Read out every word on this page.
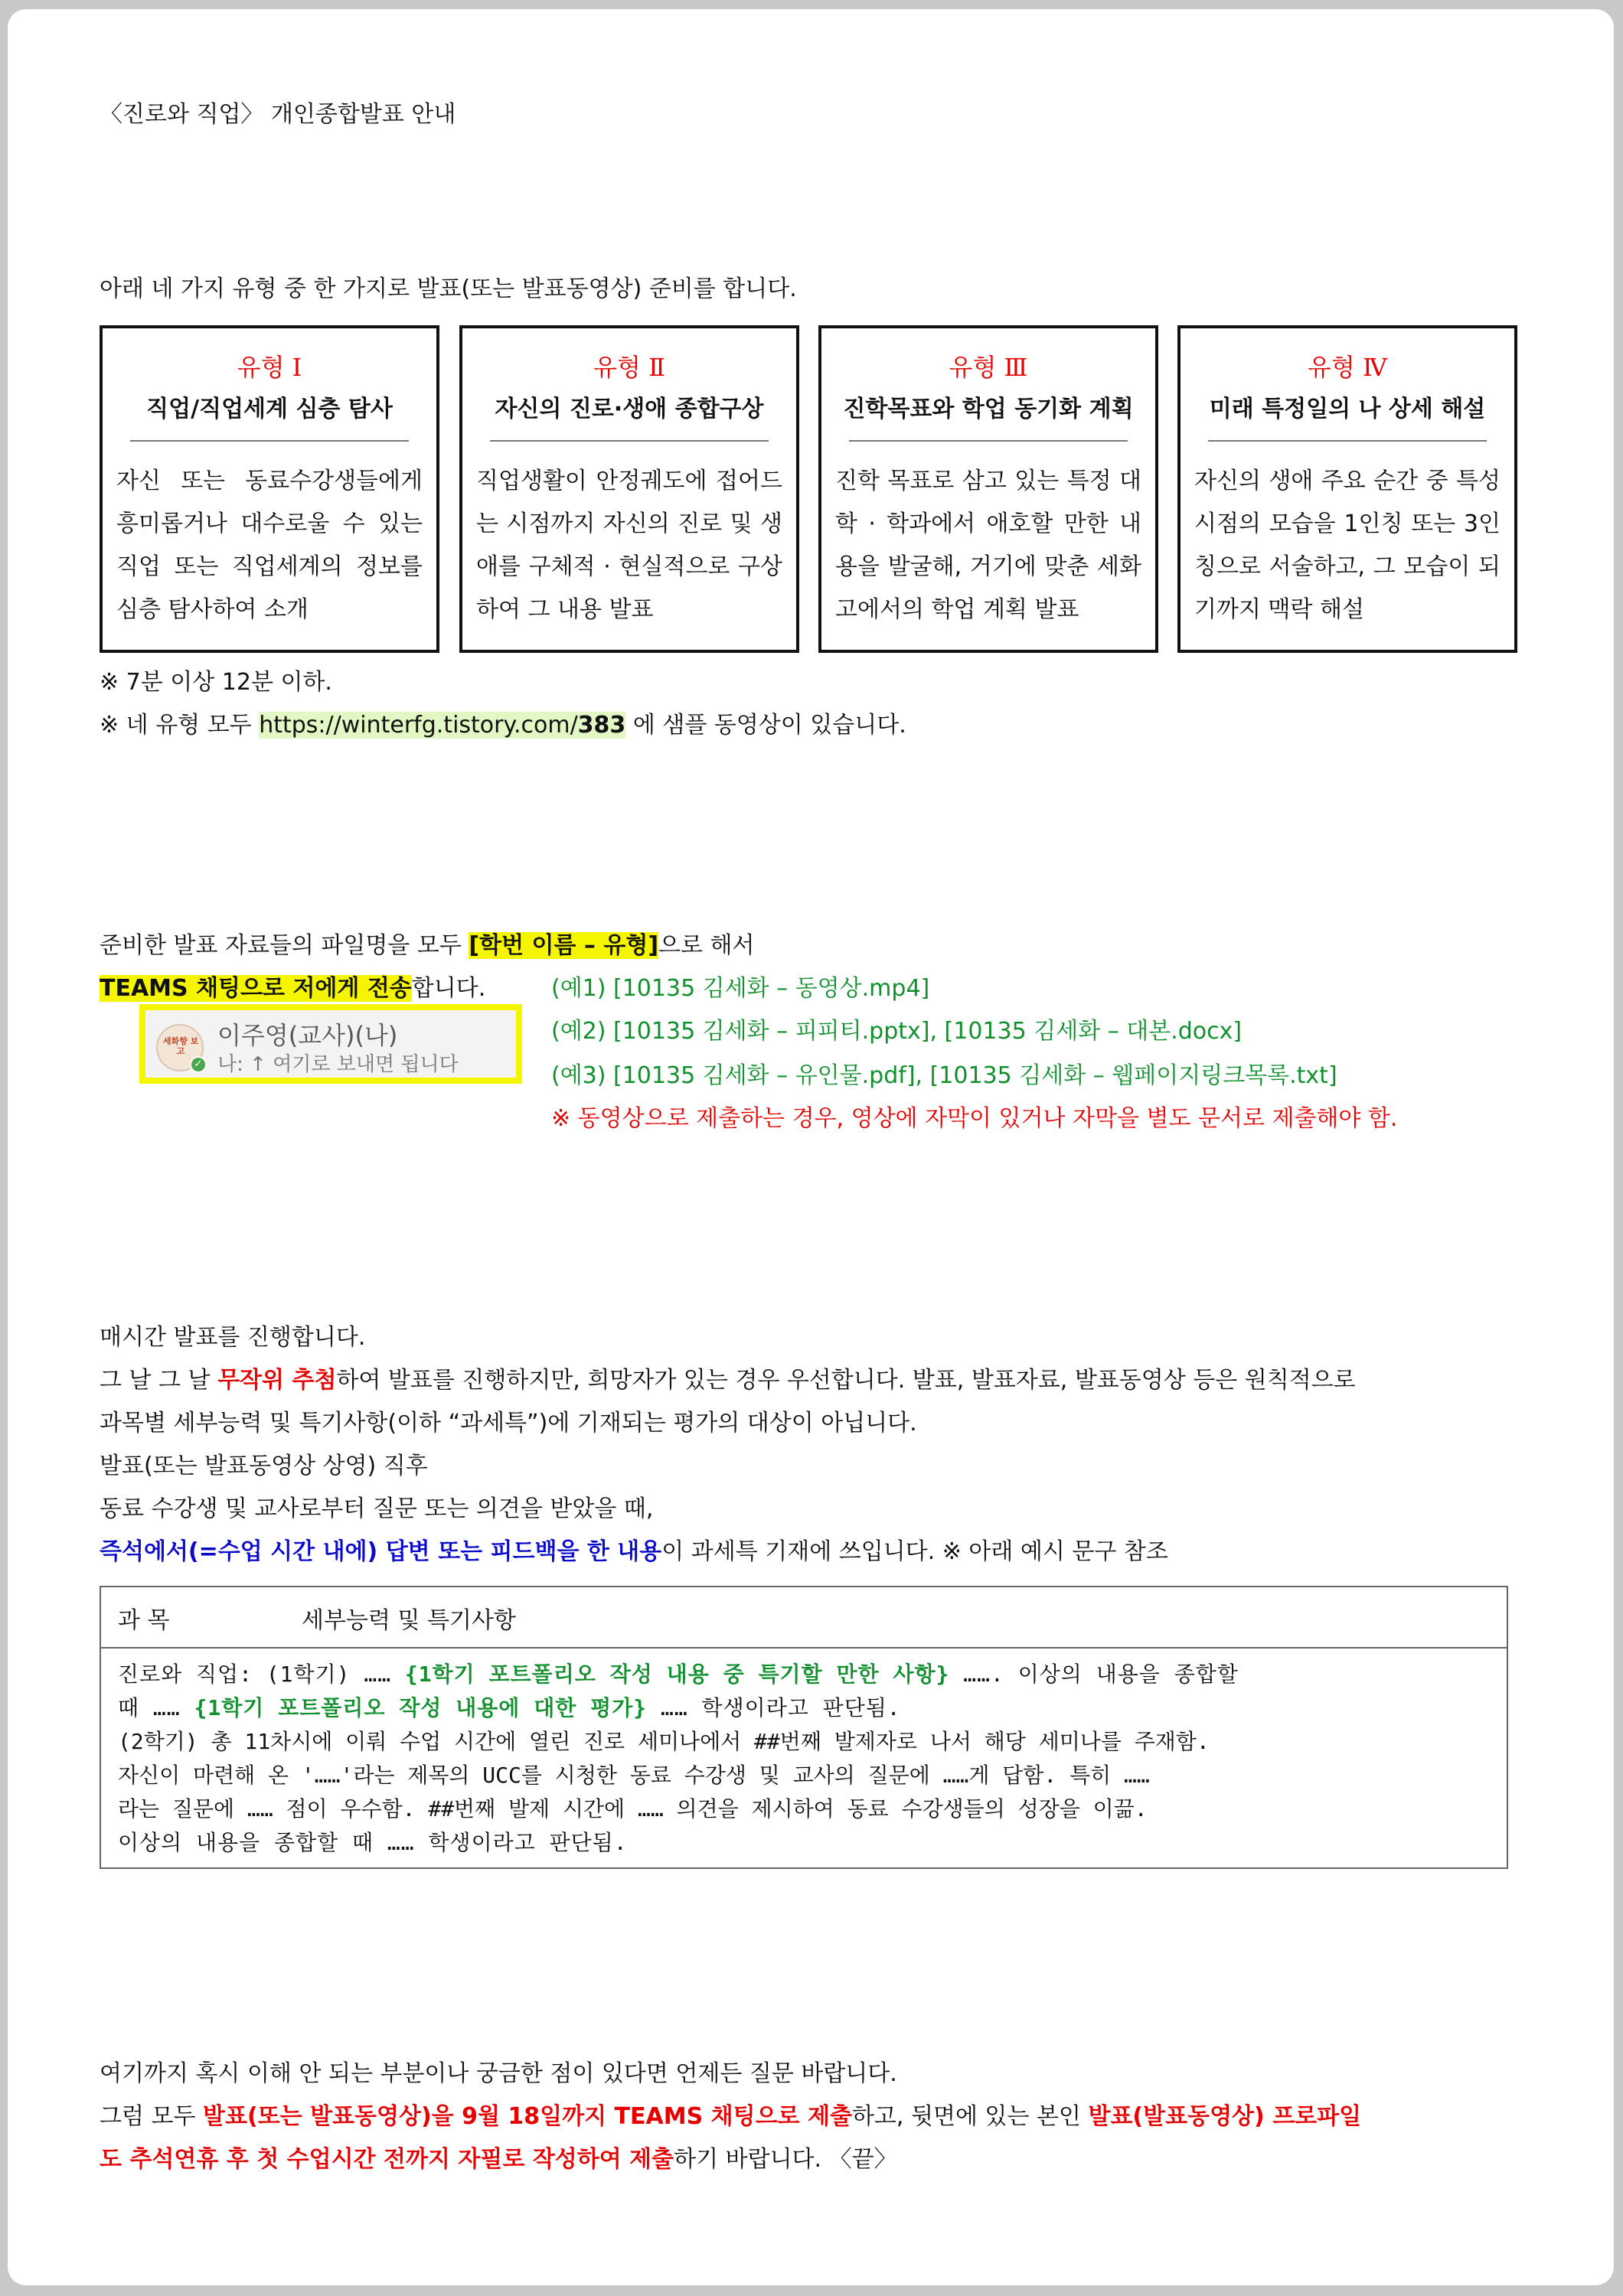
〈진로와 직업〉 개인종합발표 안내
아래 네 가지 유형 중 한 가지로 발표(또는 발표동영상) 준비를 합니다.
유형 Ⅰ
직업/직업세계 심층 탐사
자신 또는 동료수강생들에게 흥미롭거나 대수로울 수 있는 직업 또는 직업세계의 정보를 심층 탐사하여 소개
유형 Ⅱ
자신의 진로·생애 종합구상
직업생활이 안정궤도에 접어드는 시점까지 자신의 진로 및 생애를 구체적 · 현실적으로 구상하여 그 내용 발표
유형 Ⅲ
진학목표와 학업 동기화 계획
진학 목표로 삼고 있는 특정 대학 · 학과에서 애호할 만한 내용을 발굴해, 거기에 맞춘 세화고에서의 학업 계획 발표
유형 Ⅳ
미래 특정일의 나 상세 해설
자신의 생애 주요 순간 중 특성 시점의 모습을 1인칭 또는 3인칭으로 서술하고, 그 모습이 되기까지 맥락 해설
※ 7분 이상 12분 이하.
※ 네 유형 모두 https://winterfg.tistory.com/383 에 샘플 동영상이 있습니다.
준비한 발표 자료들의 파일명을 모두 [학번 이름 – 유형]으로 해서
TEAMS 채팅으로 저에게 전송합니다.
세화향 보고
✓
이주영(교사)(나)
나: ↑ 여기로 보내면 됩니다
(예1) [10135 김세화 – 동영상.mp4]
(예2) [10135 김세화 – 피피티.pptx], [10135 김세화 – 대본.docx]
(예3) [10135 김세화 – 유인물.pdf], [10135 김세화 – 웹페이지링크목록.txt]
※ 동영상으로 제출하는 경우, 영상에 자막이 있거나 자막을 별도 문서로 제출해야 함.
매시간 발표를 진행합니다.
그 날 그 날 무작위 추첨하여 발표를 진행하지만, 희망자가 있는 경우 우선합니다. 발표, 발표자료, 발표동영상 등은 원칙적으로
과목별 세부능력 및 특기사항(이하 “과세특”)에 기재되는 평가의 대상이 아닙니다.
발표(또는 발표동영상 상영) 직후
동료 수강생 및 교사로부터 질문 또는 의견을 받았을 때,
즉석에서(=수업 시간 내에) 답변 또는 피드백을 한 내용이 과세특 기재에 쓰입니다. ※ 아래 예시 문구 참조
과 목	세부능력 및 특기사항
진로와 직업: (1학기) …… {1학기 포트폴리오 작성 내용 중 특기할 만한 사항} ……. 이상의 내용을 종합할
때 …… {1학기 포트폴리오 작성 내용에 대한 평가} …… 학생이라고 판단됨.
(2학기) 총 11차시에 이뤄 수업 시간에 열린 진로 세미나에서 ##번째 발제자로 나서 해당 세미나를 주재함.
자신이 마련해 온 '……'라는 제목의 UCC를 시청한 동료 수강생 및 교사의 질문에 ……게 답함. 특히 ……
라는 질문에 …… 점이 우수함. ##번째 발제 시간에 …… 의견을 제시하여 동료 수강생들의 성장을 이끎.
이상의 내용을 종합할 때 …… 학생이라고 판단됨.
여기까지 혹시 이해 안 되는 부분이나 궁금한 점이 있다면 언제든 질문 바랍니다.
그럼 모두 발표(또는 발표동영상)을 9월 18일까지 TEAMS 채팅으로 제출하고, 뒷면에 있는 본인 발표(발표동영상) 프로파일
도 추석연휴 후 첫 수업시간 전까지 자필로 작성하여 제출하기 바랍니다. 〈끝〉
